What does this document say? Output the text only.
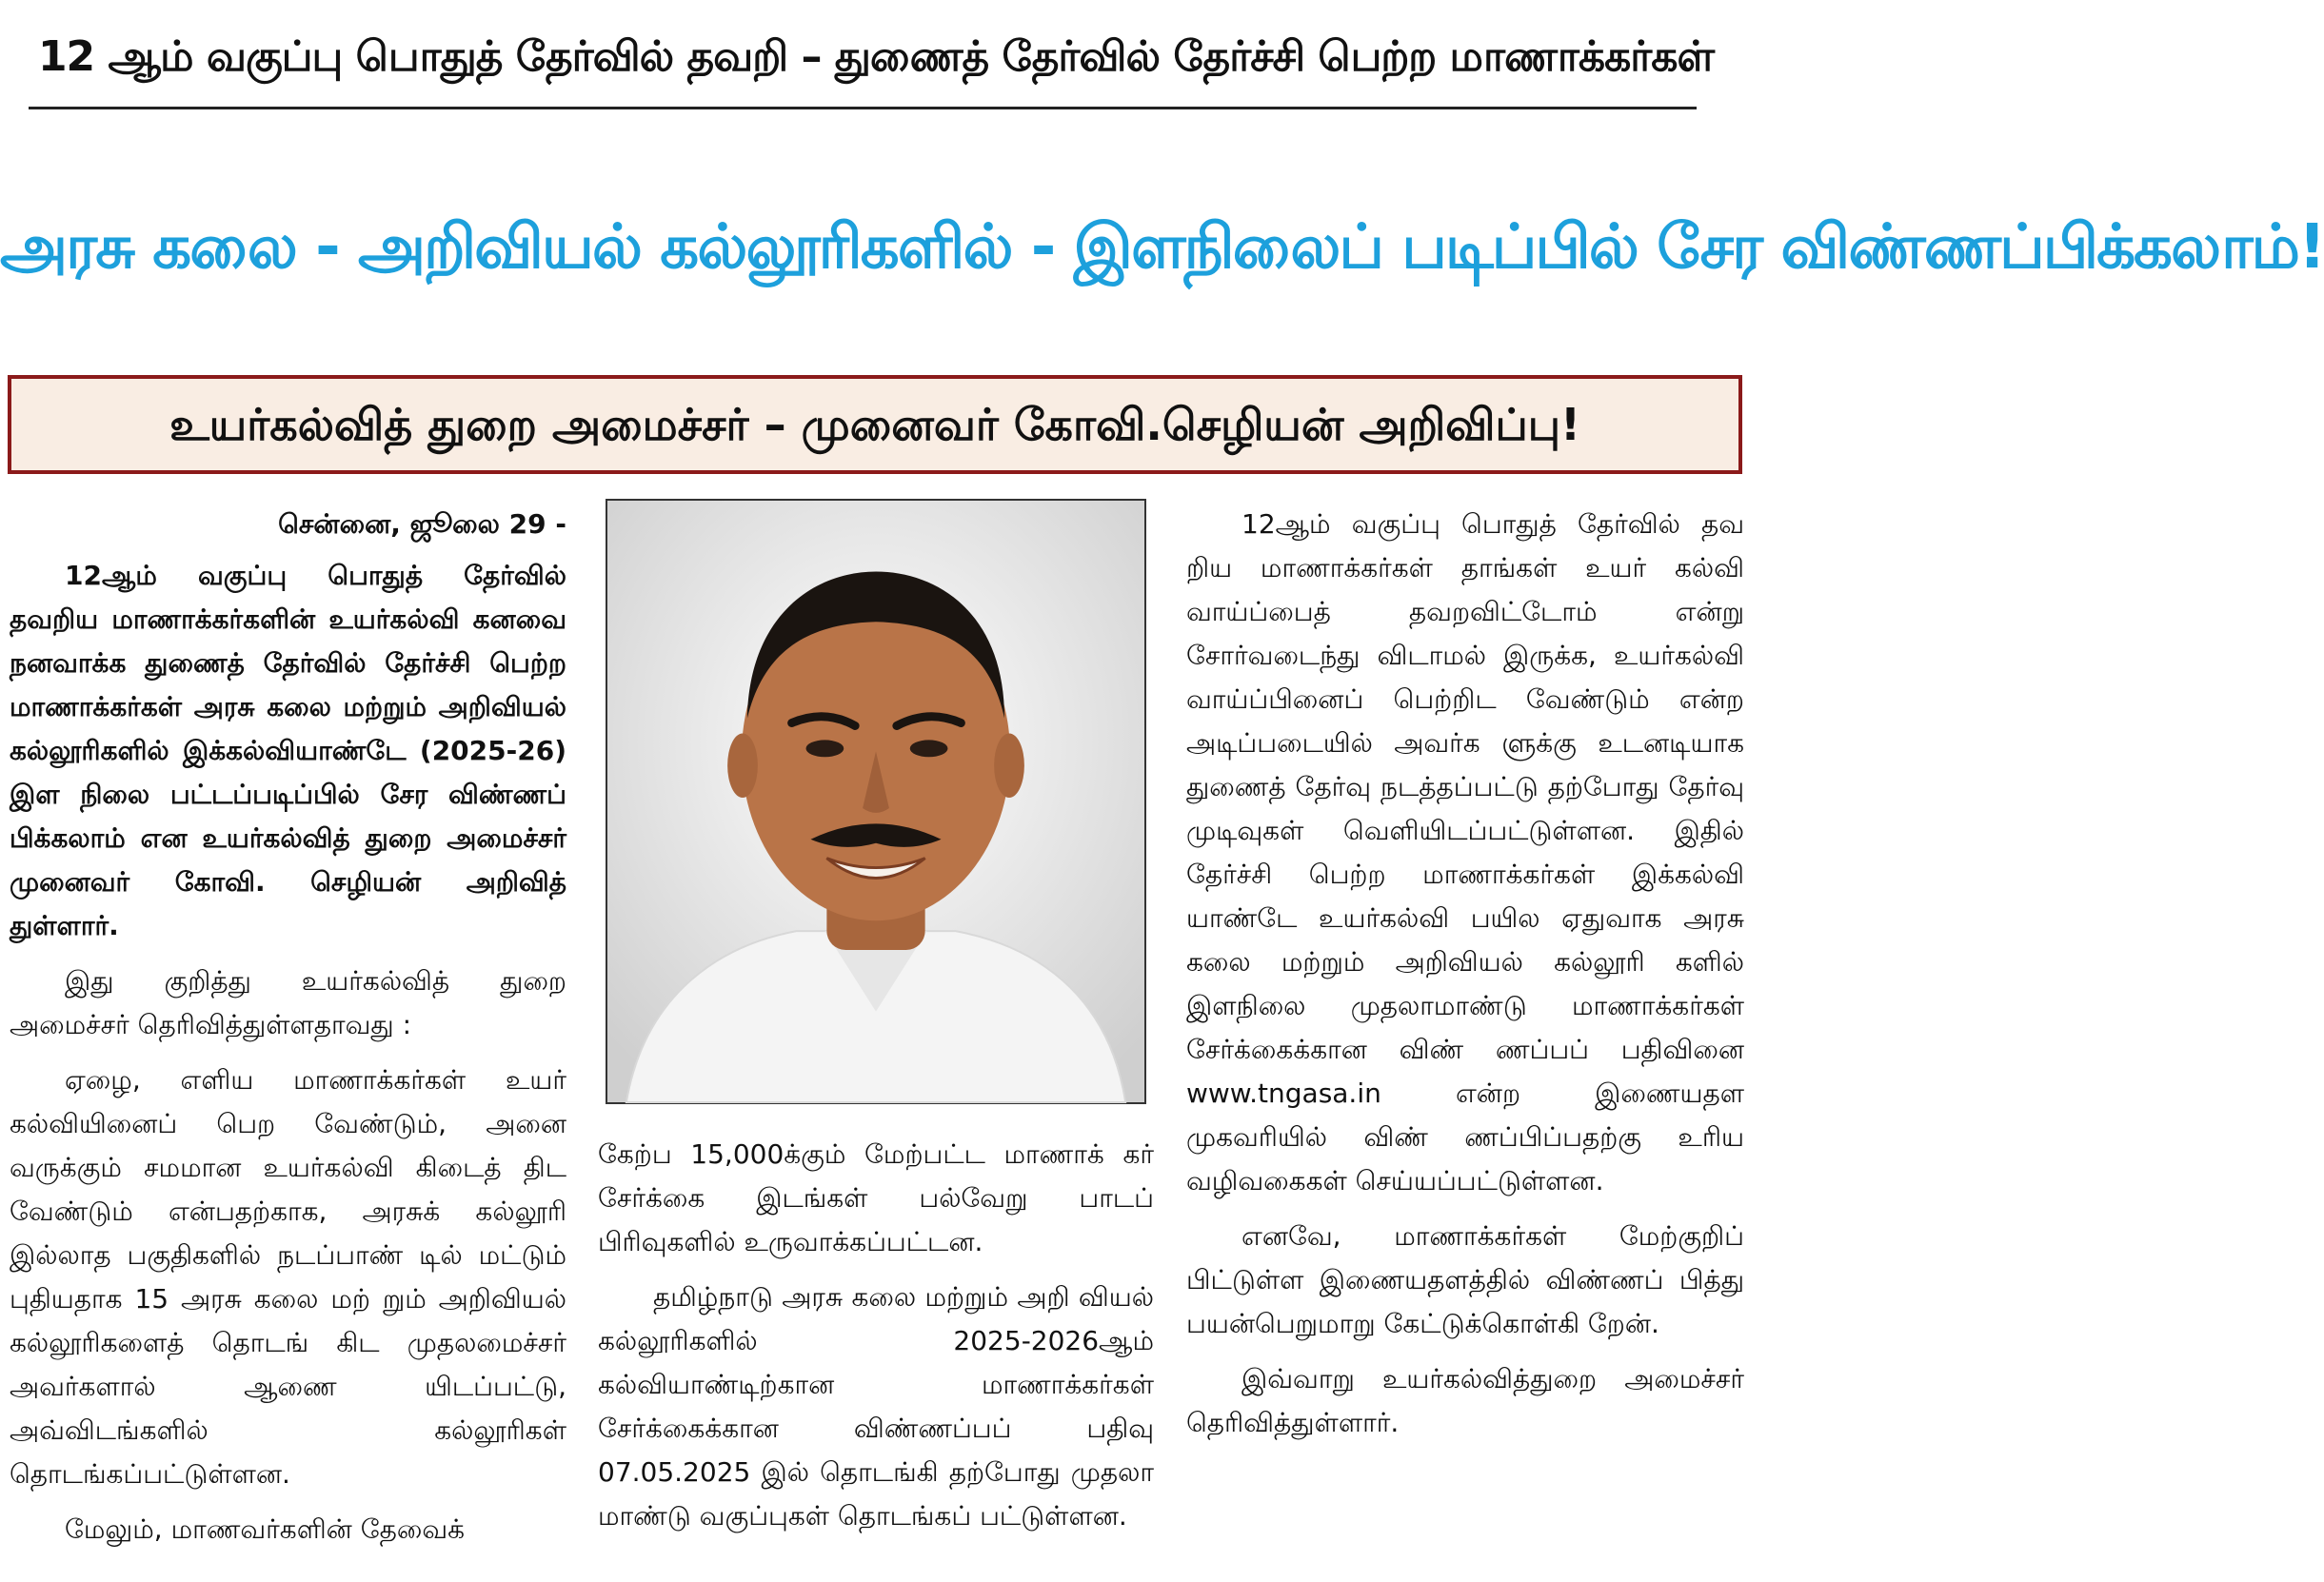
12 ஆம் வகுப்பு பொதுத் தேர்வில் தவறி – துணைத் தேர்வில் தேர்ச்சி பெற்ற மாணாக்கர்கள்
அரசு கலை - அறிவியல் கல்லூரிகளில் - இளநிலைப் படிப்பில் சேர விண்ணப்பிக்கலாம்!
உயர்கல்வித் துறை அமைச்சர் – முனைவர் கோவி.செழியன் அறிவிப்பு!
சென்னை, ஜூலை 29 -

12ஆம் வகுப்பு பொதுத் தேர்வில் தவறிய மாணாக்கர்களின் உயர்கல்வி கனவை நனவாக்க துணைத் தேர்வில் தேர்ச்சி பெற்ற மாணாக்கர்கள் அரசு கலை மற்றும் அறிவியல் கல்லூரிகளில் இக்கல்வியாண்டே (2025-26) இள நிலை பட்டப்படிப்பில் சேர விண்ணப் பிக்கலாம் என உயர்கல்வித் துறை அமைச்சர் முனைவர் கோவி. செழியன் அறிவித் துள்ளார்.

இது குறித்து உயர்கல்வித் துறை அமைச்சர் தெரிவித்துள்ளதாவது :

ஏழை, எளிய மாணாக்கர்கள் உயர் கல்வியினைப் பெற வேண்டும், அனை வருக்கும் சமமான உயர்கல்வி கிடைத் திட வேண்டும் என்பதற்காக, அரசுக் கல்லூரி இல்லாத பகுதிகளில் நடப்பாண் டில் மட்டும் புதியதாக 15 அரசு கலை மற் றும் அறிவியல் கல்லூரிகளைத் தொடங் கிட முதலமைச்சர் அவர்களால் ஆணை யிடப்பட்டு, அவ்விடங்களில் கல்லூரிகள் தொடங்கப்பட்டுள்ளன.

மேலும், மாணவர்களின் தேவைக்

கேற்ப 15,000க்கும் மேற்பட்ட மாணாக் கர் சேர்க்கை இடங்கள் பல்வேறு பாடப் பிரிவுகளில் உருவாக்கப்பட்டன.

தமிழ்நாடு அரசு கலை மற்றும் அறி வியல் கல்லூரிகளில் 2025-2026ஆம் கல்வியாண்டிற்கான மாணாக்கர்கள் சேர்க்கைக்கான விண்ணப்பப் பதிவு 07.05.2025 இல் தொடங்கி தற்போது முதலா மாண்டு வகுப்புகள் தொடங்கப் பட்டுள்ளன.

12ஆம் வகுப்பு பொதுத் தேர்வில் தவ றிய மாணாக்கர்கள் தாங்கள் உயர் கல்வி வாய்ப்பைத் தவறவிட்டோம் என்று சோர்வடைந்து விடாமல் இருக்க, உயர்கல்வி வாய்ப்பினைப் பெற்றிட வேண்டும் என்ற அடிப்படையில் அவர்க ளுக்கு உடனடியாக துணைத் தேர்வு நடத்தப்பட்டு தற்போது தேர்வு முடிவுகள் வெளியிடப்பட்டுள்ளன. இதில் தேர்ச்சி பெற்ற மாணாக்கர்கள் இக்கல்வி யாண்டே உயர்கல்வி பயில ஏதுவாக அரசு கலை மற்றும் அறிவியல் கல்லூரி களில் இளநிலை முதலாமாண்டு மாணாக்கர்கள் சேர்க்கைக்கான விண் ணப்பப் பதிவினை www.tngasa.in என்ற இணையதள முகவரியில் விண் ணப்பிப்பதற்கு உரிய வழிவகைகள் செய்யப்பட்டுள்ளன.

எனவே, மாணாக்கர்கள் மேற்குறிப் பிட்டுள்ள இணையதளத்தில் விண்ணப் பித்து பயன்பெறுமாறு கேட்டுக்கொள்கி றேன்.

இவ்வாறு உயர்கல்வித்துறை அமைச்சர் தெரிவித்துள்ளார்.
